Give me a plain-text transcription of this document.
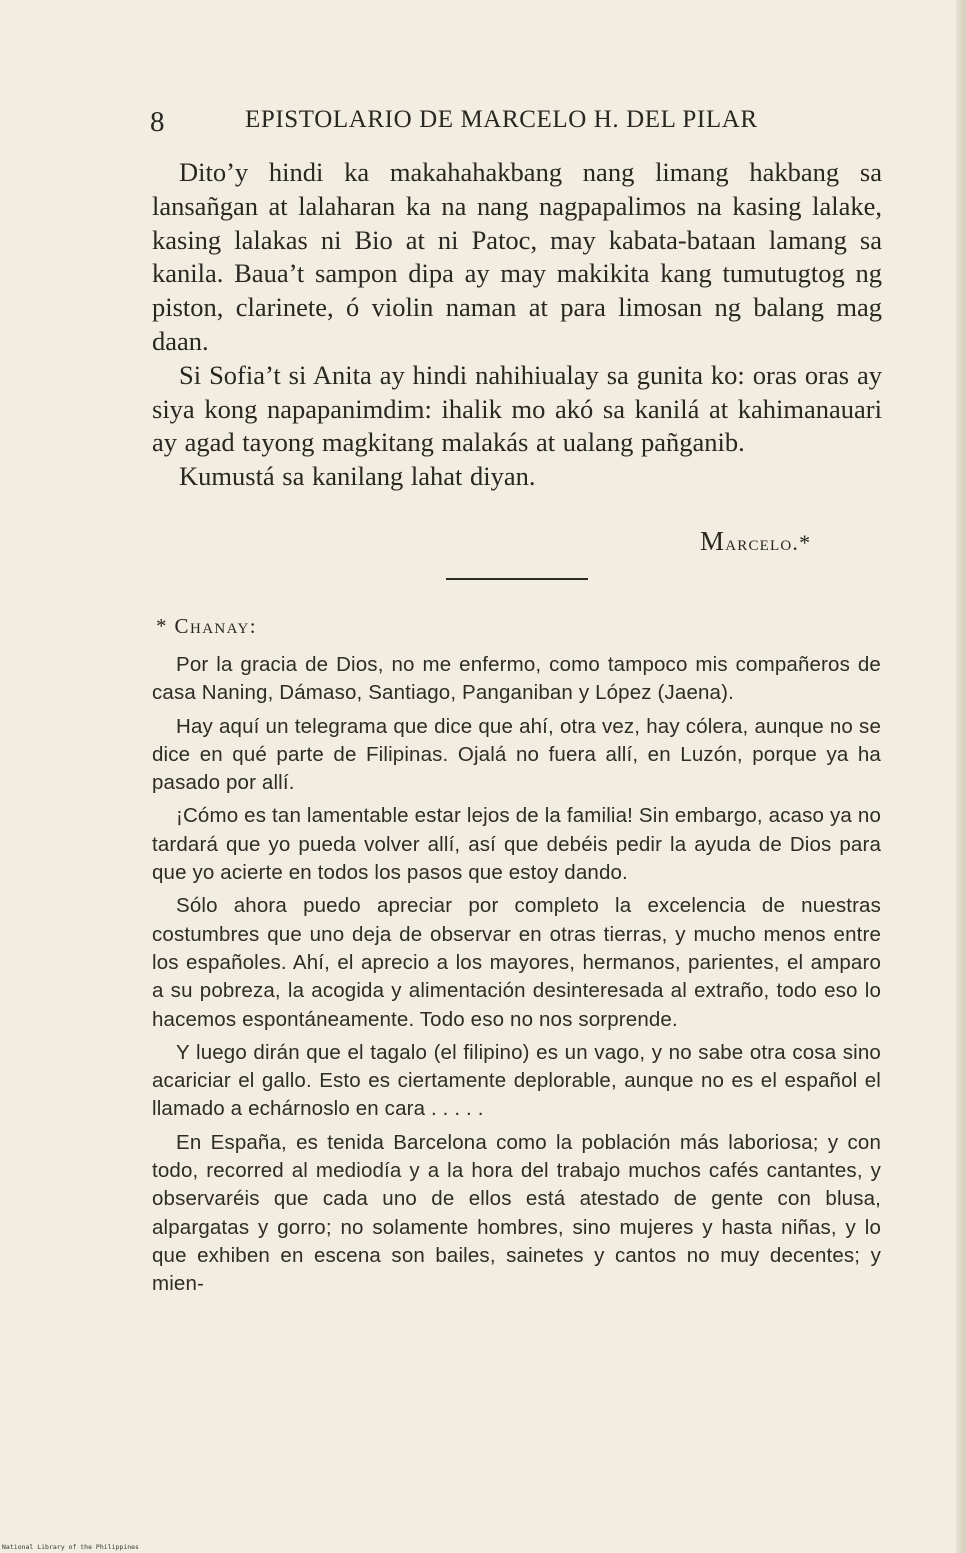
8	EPISTOLARIO DE MARCELO H. DEL PILAR

Dito’y hindi ka makahahakbang nang limang hakbang sa lansañgan at lalaharan ka na nang nagpapalimos na kasing lalake, kasing lalakas ni Bio at ni Patoc, may kabata-bataan lamang sa kanila. Baua’t sampon dipa ay may makikita kang tumutugtog ng piston, clarinete, ó violin naman at para limosan ng balang mag daan.

Si Sofia’t si Anita ay hindi nahihiualay sa gunita ko: oras oras ay siya kong napapanimdim: ihalik mo akó sa kanilá at kahimanauari ay agad tayong magkitang malakás at ualang pañganib.

Kumustá sa kanilang lahat diyan.

Marcelo.*
* Chanay:

Por la gracia de Dios, no me enfermo, como tampoco mis compañeros de casa Naning, Dámaso, Santiago, Panganiban y López (Jaena).

Hay aquí un telegrama que dice que ahí, otra vez, hay cólera, aunque no se dice en qué parte de Filipinas. Ojalá no fuera allí, en Luzón, porque ya ha pasado por allí.

¡Cómo es tan lamentable estar lejos de la familia! Sin embargo, acaso ya no tardará que yo pueda volver allí, así que debéis pedir la ayuda de Dios para que yo acierte en todos los pasos que estoy dando.

Sólo ahora puedo apreciar por completo la excelencia de nuestras costumbres que uno deja de observar en otras tierras, y mucho menos entre los españoles. Ahí, el aprecio a los mayores, hermanos, parientes, el amparo a su pobreza, la acogida y alimentación desinteresada al extraño, todo eso lo hacemos espontáneamente. Todo eso no nos sorprende.

Y luego dirán que el tagalo (el filipino) es un vago, y no sabe otra cosa sino acariciar el gallo. Esto es ciertamente deplorable, aunque no es el español el llamado a echárnoslo en cara . . . . .

En España, es tenida Barcelona como la población más laboriosa; y con todo, recorred al mediodía y a la hora del trabajo muchos cafés cantantes, y observaréis que cada uno de ellos está atestado de gente con blusa, alpargatas y gorro; no solamente hombres, sino mujeres y hasta niñas, y lo que exhiben en escena son bailes, sainetes y cantos no muy decentes; y mien-

National Library of the Philippines
